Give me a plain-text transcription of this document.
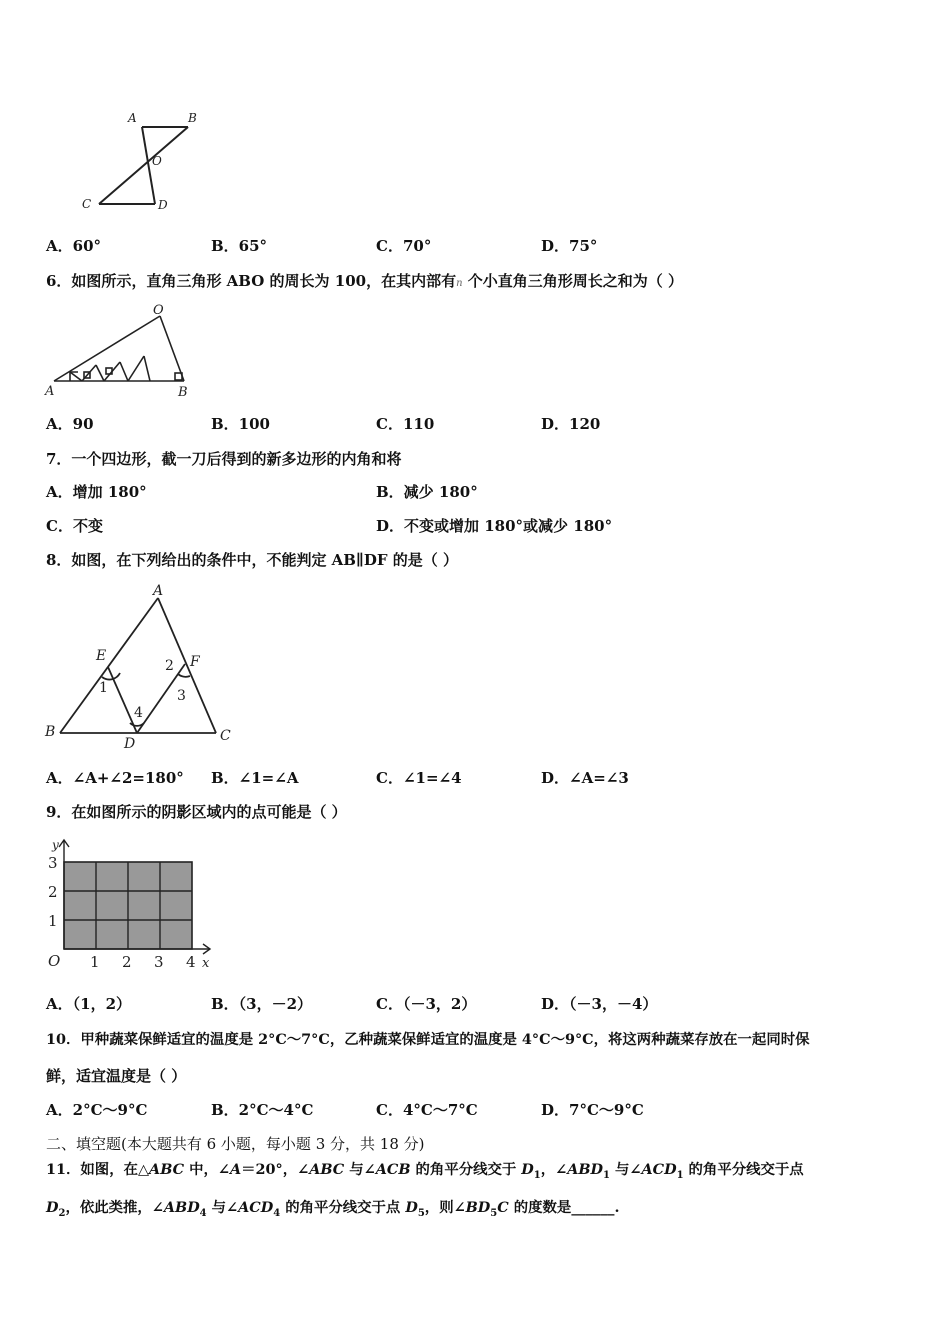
A	B
O
C	D
A．60°	B．65°	C．70°	D．75°
6．如图所示，直角三角形 ABO 的周长为 100，在其内部有n 个小直角三角形周长之和为（ ）
O
A	B
A．90	B．100	C．110	D．120
7．一个四边形，截一刀后得到的新多边形的内角和将
A．增加 180°	B．减少 180°
C．不变	D．不变或增加 180°或减少 180°
8．如图，在下列给出的条件中，不能判定 AB∥DF 的是（ ）
A
B	C
D
E	F
1
2
3
4
A．∠A+∠2=180° B．∠1=∠A	C．∠1=∠4	D．∠A=∠3
9．在如图所示的阴影区域内的点可能是（ ）
y
x
O 1 2 3 4
1
2
3
A．（1，2）	B．（3，－2）	C．（－3，2）	D．（－3，－4）
10．甲种蔬菜保鲜适宜的温度是 2°C～7°C，乙种蔬菜保鲜适宜的温度是 4°C～9°C，将这两种蔬菜存放在一起同时保
鲜，适宜温度是（ ）
A．2°C～9°C	B．2°C～4°C	C．4°C～7°C	D．7°C～9°C
二、填空题(本大题共有 6 小题，每小题 3 分，共 18 分)
11．如图，在△ABC 中，∠A＝20°，∠ABC 与∠ACB 的角平分线交于 $D_1$，$\angle ABD_1$ 与$\angle ACD_1$ 的角平分线交于点
$D_2$，依此类推，$\angle ABD_4$ 与$\angle ACD_4$ 的角平分线交于点 $D_5$，则$\angle BD_5C$ 的度数是______.
